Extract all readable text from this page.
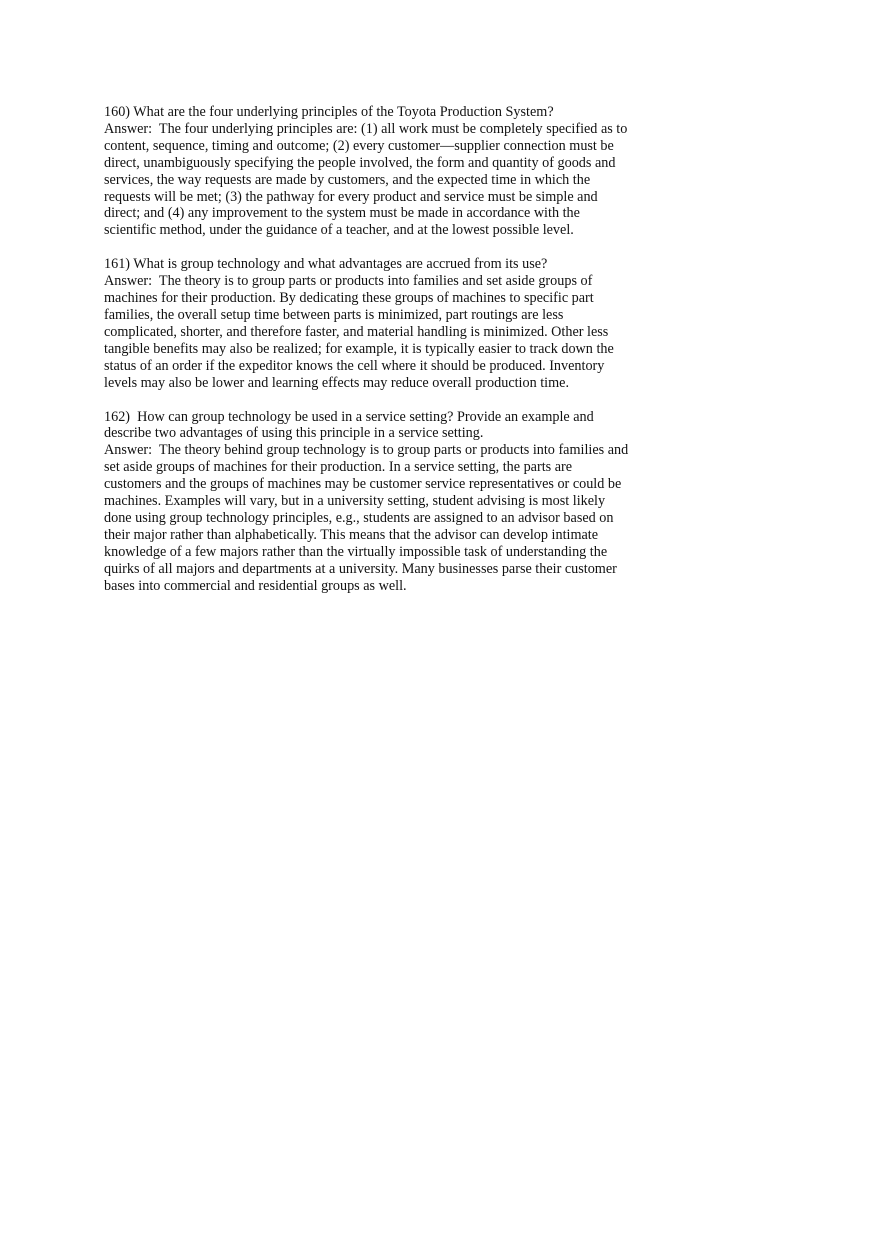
160) What are the four underlying principles of the Toyota Production System?
Answer:  The four underlying principles are: (1) all work must be completely specified as to
content, sequence, timing and outcome; (2) every customer—supplier connection must be
direct, unambiguously specifying the people involved, the form and quantity of goods and
services, the way requests are made by customers, and the expected time in which the
requests will be met; (3) the pathway for every product and service must be simple and
direct; and (4) any improvement to the system must be made in accordance with the
scientific method, under the guidance of a teacher, and at the lowest possible level.
161) What is group technology and what advantages are accrued from its use?
Answer:  The theory is to group parts or products into families and set aside groups of
machines for their production. By dedicating these groups of machines to specific part
families, the overall setup time between parts is minimized, part routings are less
complicated, shorter, and therefore faster, and material handling is minimized. Other less
tangible benefits may also be realized; for example, it is typically easier to track down the
status of an order if the expeditor knows the cell where it should be produced. Inventory
levels may also be lower and learning effects may reduce overall production time.
162)  How can group technology be used in a service setting? Provide an example and
describe two advantages of using this principle in a service setting.
Answer:  The theory behind group technology is to group parts or products into families and
set aside groups of machines for their production. In a service setting, the parts are
customers and the groups of machines may be customer service representatives or could be
machines. Examples will vary, but in a university setting, student advising is most likely
done using group technology principles, e.g., students are assigned to an advisor based on
their major rather than alphabetically. This means that the advisor can develop intimate
knowledge of a few majors rather than the virtually impossible task of understanding the
quirks of all majors and departments at a university. Many businesses parse their customer
bases into commercial and residential groups as well.
